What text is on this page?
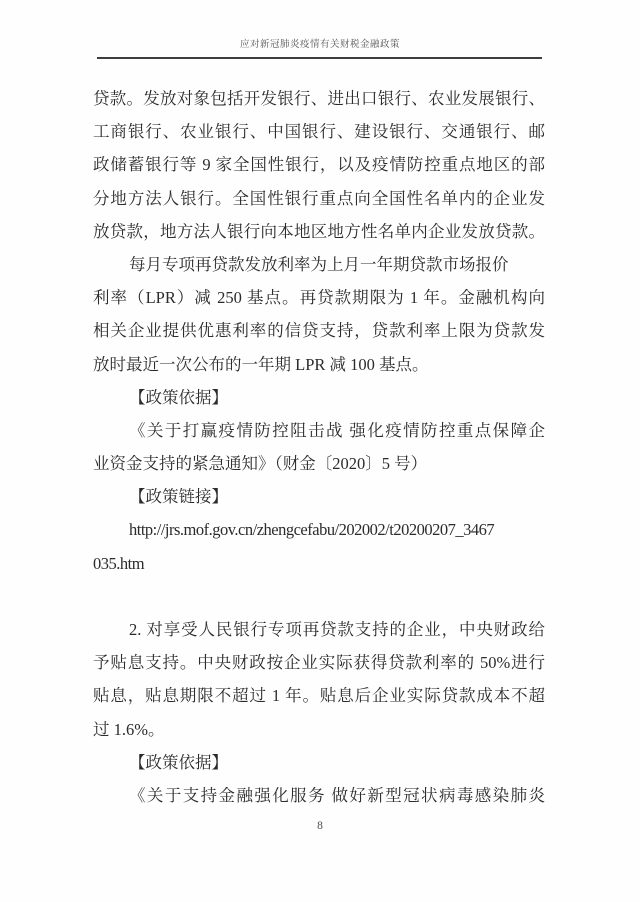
应对新冠肺炎疫情有关财税金融政策
贷款。发放对象包括开发银行、进出口银行、农业发展银行、
工商银行、农业银行、中国银行、建设银行、交通银行、邮
政储蓄银行等 9 家全国性银行，以及疫情防控重点地区的部
分地方法人银行。全国性银行重点向全国性名单内的企业发
放贷款，地方法人银行向本地区地方性名单内企业发放贷款。
每月专项再贷款发放利率为上月一年期贷款市场报价
利率（LPR）减 250 基点。再贷款期限为 1 年。金融机构向
相关企业提供优惠利率的信贷支持，贷款利率上限为贷款发
放时最近一次公布的一年期 LPR 减 100 基点。
【政策依据】
《关于打赢疫情防控阻击战 强化疫情防控重点保障企
业资金支持的紧急通知》（财金〔2020〕5 号）
【政策链接】
http://jrs.mof.gov.cn/zhengcefabu/202002/t20200207_3467
035.htm
2. 对享受人民银行专项再贷款支持的企业，中央财政给
予贴息支持。中央财政按企业实际获得贷款利率的 50%进行
贴息，贴息期限不超过 1 年。贴息后企业实际贷款成本不超
过 1.6%。
【政策依据】
《关于支持金融强化服务 做好新型冠状病毒感染肺炎
8
